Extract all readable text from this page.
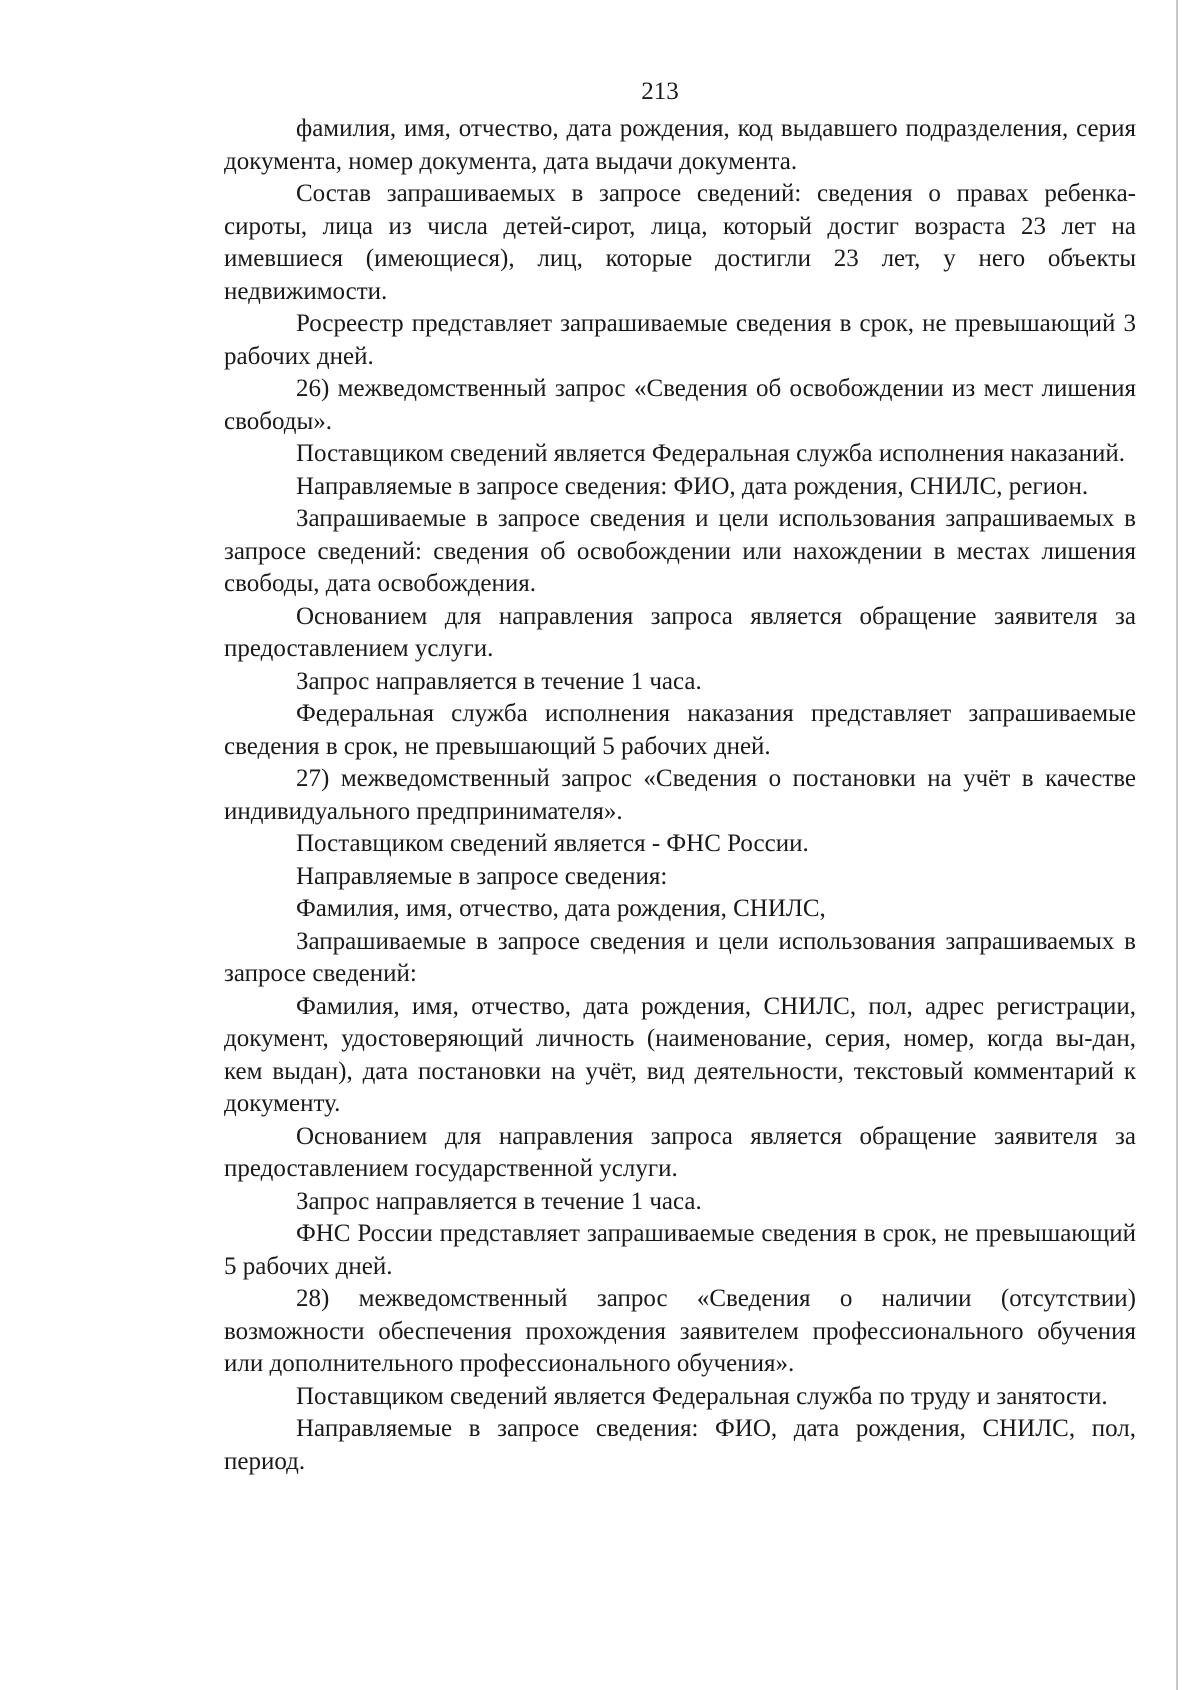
213

фамилия, имя, отчество, дата рождения, код выдавшего подразделения, серия документа, номер документа, дата выдачи документа.

Состав запрашиваемых в запросе сведений: сведения о правах ребенка-сироты, лица из числа детей-сирот, лица, который достиг возраста 23 лет на имевшиеся (имеющиеся), лиц, которые достигли 23 лет, у него объекты недвижимости.

Росреестр представляет запрашиваемые сведения в срок, не превышающий 3 рабочих дней.

26) межведомственный запрос «Сведения об освобождении из мест лишения свободы».

Поставщиком сведений является Федеральная служба исполнения наказаний.

Направляемые в запросе сведения: ФИО, дата рождения, СНИЛС, регион.

Запрашиваемые в запросе сведения и цели использования запрашиваемых в запросе сведений: сведения об освобождении или нахождении в местах лишения свободы, дата освобождения.

Основанием для направления запроса является обращение заявителя за предоставлением услуги.

Запрос направляется в течение 1 часа.

Федеральная служба исполнения наказания представляет запрашиваемые сведения в срок, не превышающий 5 рабочих дней.

27) межведомственный запрос «Сведения о постановки на учёт в качестве индивидуального предпринимателя».

Поставщиком сведений является - ФНС России.

Направляемые в запросе сведения:

Фамилия, имя, отчество, дата рождения, СНИЛС,

Запрашиваемые в запросе сведения и цели использования запрашиваемых в запросе сведений:

Фамилия, имя, отчество, дата рождения, СНИЛС, пол, адрес регистрации, документ, удостоверяющий личность (наименование, серия, номер, когда вы-дан, кем выдан), дата постановки на учёт, вид деятельности, текстовый комментарий к документу.

Основанием для направления запроса является обращение заявителя за предоставлением государственной услуги.

Запрос направляется в течение 1 часа.

ФНС России представляет запрашиваемые сведения в срок, не превышающий 5 рабочих дней.

28) межведомственный запрос «Сведения о наличии (отсутствии) возможности обеспечения прохождения заявителем профессионального обучения или дополнительного профессионального обучения».

Поставщиком сведений является Федеральная служба по труду и занятости.

Направляемые в запросе сведения: ФИО, дата рождения, СНИЛС, пол, период.
